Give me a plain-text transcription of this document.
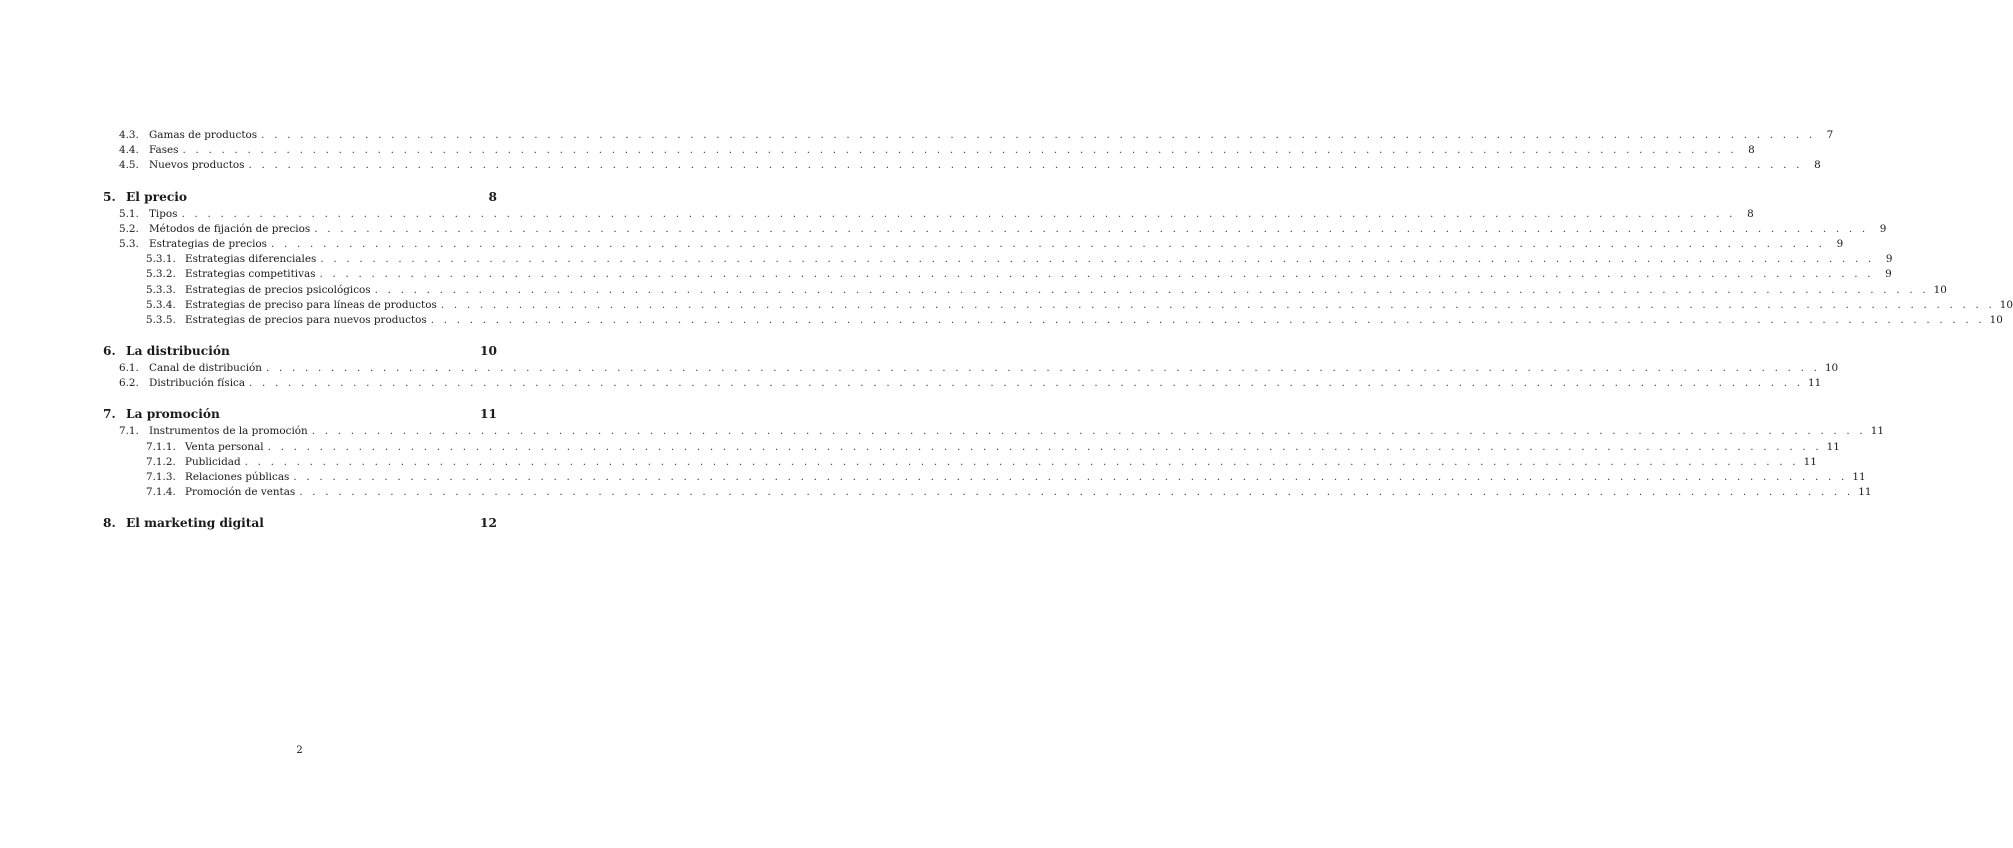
4.3. Gamas de productos . . . . . . . . . . . . . . . . . . . . . . . . . . . . . . . . . . . . . . . . . . . . . . . . . . . . . . . . . . . . . . . . . . . . . . . . . . . . . . . . . . . . . . . . . . . . . . . . . . . . . . . . . . . . . . . . . . . . . . . .	7
4.4. Fases . . . . . . . . . . . . . . . . . . . . . . . . . . . . . . . . . . . . . . . . . . . . . . . . . . . . . . . . . . . . . . . . . . . . . . . . . . . . . . . . . . . . . . . . . . . . . . . . . . . . . . . . . . . . . . . . . . . . . . . .	8
4.5. Nuevos productos . . . . . . . . . . . . . . . . . . . . . . . . . . . . . . . . . . . . . . . . . . . . . . . . . . . . . . . . . . . . . . . . . . . . . . . . . . . . . . . . . . . . . . . . . . . . . . . . . . . . . . . . . . . . . . . . . . . . . . . .	8
5. El precio	8
5.1. Tipos . . . . . . . . . . . . . . . . . . . . . . . . . . . . . . . . . . . . . . . . . . . . . . . . . . . . . . . . . . . . . . . . . . . . . . . . . . . . . . . . . . . . . . . . . . . . . . . . . . . . . . . . . . . . . . . . . . . . . . . .	8
5.2. Métodos de fijación de precios . . . . . . . . . . . . . . . . . . . . . . . . . . . . . . . . . . . . . . . . . . . . . . . . . . . . . . . . . . . . . . . . . . . . . . . . . . . . . . . . . . . . . . . . . . . . . . . . . . . . . . . . . . . . . . . . . . . . . . . .	9
5.3. Estrategias de precios . . . . . . . . . . . . . . . . . . . . . . . . . . . . . . . . . . . . . . . . . . . . . . . . . . . . . . . . . . . . . . . . . . . . . . . . . . . . . . . . . . . . . . . . . . . . . . . . . . . . . . . . . . . . . . . . . . . . . . . .	9
5.3.1. Estrategias diferenciales . . . . . . . . . . . . . . . . . . . . . . . . . . . . . . . . . . . . . . . . . . . . . . . . . . . . . . . . . . . . . . . . . . . . . . . . . . . . . . . . . . . . . . . . . . . . . . . . . . . . . . . . . . . . . . . . . . . . . . . .	9
5.3.2. Estrategias competitivas . . . . . . . . . . . . . . . . . . . . . . . . . . . . . . . . . . . . . . . . . . . . . . . . . . . . . . . . . . . . . . . . . . . . . . . . . . . . . . . . . . . . . . . . . . . . . . . . . . . . . . . . . . . . . . . . . . . . . . . .	9
5.3.3. Estrategias de precios psicológicos . . . . . . . . . . . . . . . . . . . . . . . . . . . . . . . . . . . . . . . . . . . . . . . . . . . . . . . . . . . . . . . . . . . . . . . . . . . . . . . . . . . . . . . . . . . . . . . . . . . . . . . . . . . . . . . . . . . . . . . . 10
5.3.4. Estrategias de preciso para líneas de productos . . . . . . . . . . . . . . . . . . . . . . . . . . . . . . . . . . . . . . . . . . . . . . . . . . . . . . . . . . . . . . . . . . . . . . . . . . . . . . . . . . . . . . . . . . . . . . . . . . . . . . . . . . . . . . . . . . . . . . . . 10
5.3.5. Estrategias de precios para nuevos productos . . . . . . . . . . . . . . . . . . . . . . . . . . . . . . . . . . . . . . . . . . . . . . . . . . . . . . . . . . . . . . . . . . . . . . . . . . . . . . . . . . . . . . . . . . . . . . . . . . . . . . . . . . . . . . . . . . . . . . . . 10
6. La distribución	10
6.1. Canal de distribución . . . . . . . . . . . . . . . . . . . . . . . . . . . . . . . . . . . . . . . . . . . . . . . . . . . . . . . . . . . . . . . . . . . . . . . . . . . . . . . . . . . . . . . . . . . . . . . . . . . . . . . . . . . . . . . . . . . . . . . . 10
6.2. Distribución física . . . . . . . . . . . . . . . . . . . . . . . . . . . . . . . . . . . . . . . . . . . . . . . . . . . . . . . . . . . . . . . . . . . . . . . . . . . . . . . . . . . . . . . . . . . . . . . . . . . . . . . . . . . . . . . . . . . . . . . . 11
7. La promoción	11
7.1. Instrumentos de la promoción . . . . . . . . . . . . . . . . . . . . . . . . . . . . . . . . . . . . . . . . . . . . . . . . . . . . . . . . . . . . . . . . . . . . . . . . . . . . . . . . . . . . . . . . . . . . . . . . . . . . . . . . . . . . . . . . . . . . . . . . 11
7.1.1. Venta personal . . . . . . . . . . . . . . . . . . . . . . . . . . . . . . . . . . . . . . . . . . . . . . . . . . . . . . . . . . . . . . . . . . . . . . . . . . . . . . . . . . . . . . . . . . . . . . . . . . . . . . . . . . . . . . . . . . . . . . . . 11
7.1.2. Publicidad . . . . . . . . . . . . . . . . . . . . . . . . . . . . . . . . . . . . . . . . . . . . . . . . . . . . . . . . . . . . . . . . . . . . . . . . . . . . . . . . . . . . . . . . . . . . . . . . . . . . . . . . . . . . . . . . . . . . . . . . 11
7.1.3. Relaciones públicas . . . . . . . . . . . . . . . . . . . . . . . . . . . . . . . . . . . . . . . . . . . . . . . . . . . . . . . . . . . . . . . . . . . . . . . . . . . . . . . . . . . . . . . . . . . . . . . . . . . . . . . . . . . . . . . . . . . . . . . . 11
7.1.4. Promoción de ventas . . . . . . . . . . . . . . . . . . . . . . . . . . . . . . . . . . . . . . . . . . . . . . . . . . . . . . . . . . . . . . . . . . . . . . . . . . . . . . . . . . . . . . . . . . . . . . . . . . . . . . . . . . . . . . . . . . . . . . . . 11
8. El marketing digital	12
2
